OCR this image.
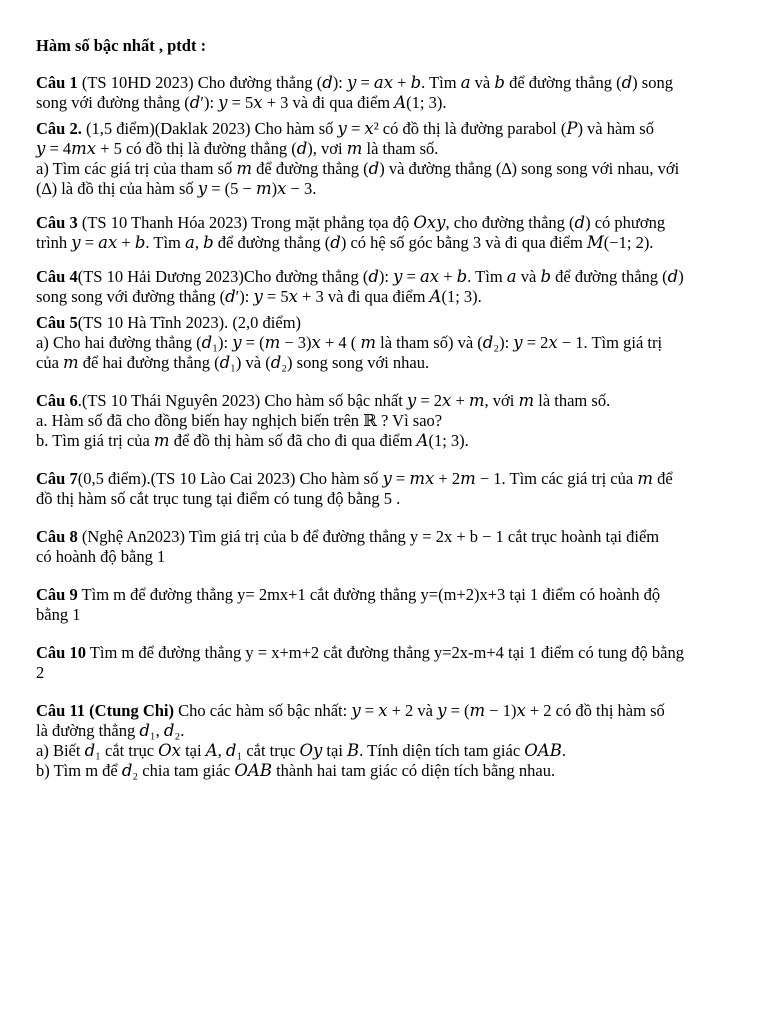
Hàm số bậc nhất , ptdt :
Câu 1 (TS 10HD 2023) Cho đường thẳng (𝑑): 𝑦 = 𝑎𝑥 + 𝑏. Tìm 𝑎 và 𝑏 để đường thẳng (𝑑) song
song với đường thẳng (𝑑′): 𝑦 = 5𝑥 + 3 và đi qua điểm 𝐴(1; 3).
Câu 2. (1,5 điểm)(Daklak 2023) Cho hàm số 𝑦 = 𝑥² có đồ thị là đường parabol (𝑃) và hàm số
𝑦 = 4𝑚𝑥 + 5 có đồ thị là đường thẳng (𝑑), vơi 𝑚 là tham số.
a) Tìm các giá trị của tham số 𝑚 để đường thẳng (𝑑) và đường thẳng (∆) song song với nhau, với
(∆) là đồ thị của hàm số 𝑦 = (5 − 𝑚)𝑥 − 3.
Câu 3 (TS 10 Thanh Hóa 2023) Trong mặt phẳng tọa độ 𝑂𝑥𝑦, cho đường thẳng (𝑑) có phương
trình 𝑦 = 𝑎𝑥 + 𝑏. Tìm 𝑎, 𝑏 để đường thẳng (𝑑) có hệ số góc bằng 3 và đi qua điểm 𝑀(−1; 2).
Câu 4(TS 10 Hải Dương 2023)Cho đường thẳng (𝑑): 𝑦 = 𝑎𝑥 + 𝑏. Tìm 𝑎 và 𝑏 để đường thẳng (𝑑)
song song với đường thẳng (𝑑′): 𝑦 = 5𝑥 + 3 và đi qua điểm 𝐴(1; 3).
Câu 5(TS 10 Hà Tĩnh 2023). (2,0 điểm)
a) Cho hai đường thẳng (𝑑₁): 𝑦 = (𝑚 − 3)𝑥 + 4 ( 𝑚 là tham số) và (𝑑₂): 𝑦 = 2𝑥 − 1. Tìm giá trị
của 𝑚 để hai đường thẳng (𝑑₁) và (𝑑₂) song song với nhau.
Câu 6.(TS 10 Thái Nguyên 2023) Cho hàm số bậc nhất 𝑦 = 2𝑥 + 𝑚, với 𝑚 là tham số.
a. Hàm số đã cho đồng biến hay nghịch biến trên ℝ ? Vì sao?
b. Tìm giá trị của 𝑚 để đồ thị hàm số đã cho đi qua điểm 𝐴(1; 3).
Câu 7(0,5 điểm).(TS 10 Lào Cai 2023) Cho hàm số 𝑦 = 𝑚𝑥 + 2𝑚 − 1. Tìm các giá trị của 𝑚 để
đồ thị hàm số cắt trục tung tại điểm có tung độ bằng 5 .
Câu 8 (Nghệ An2023) Tìm giá trị của b để đường thẳng y = 2x + b − 1 cắt trục hoành tại điểm
có hoành độ bằng 1
Câu 9 Tìm m để đường thẳng y= 2mx+1 cắt đường thẳng y=(m+2)x+3 tại 1 điểm có hoành độ
bằng 1
Câu 10 Tìm m để đường thẳng y = x+m+2 cắt đường thẳng y=2x-m+4 tại 1 điểm có tung độ bằng
2
Câu 11 (Ctung Chi) Cho các hàm số bậc nhất: 𝑦 = 𝑥 + 2 và 𝑦 = (𝑚 − 1)𝑥 + 2 có đồ thị hàm số
là đường thẳng 𝑑₁, 𝑑₂.
a) Biết 𝑑₁ cắt trục 𝑂𝑥 tại 𝐴, 𝑑₁ cắt trục 𝑂𝑦 tại 𝐵. Tính diện tích tam giác 𝑂𝐴𝐵.
b) Tìm m để 𝑑₂ chia tam giác 𝑂𝐴𝐵 thành hai tam giác có diện tích bằng nhau.
